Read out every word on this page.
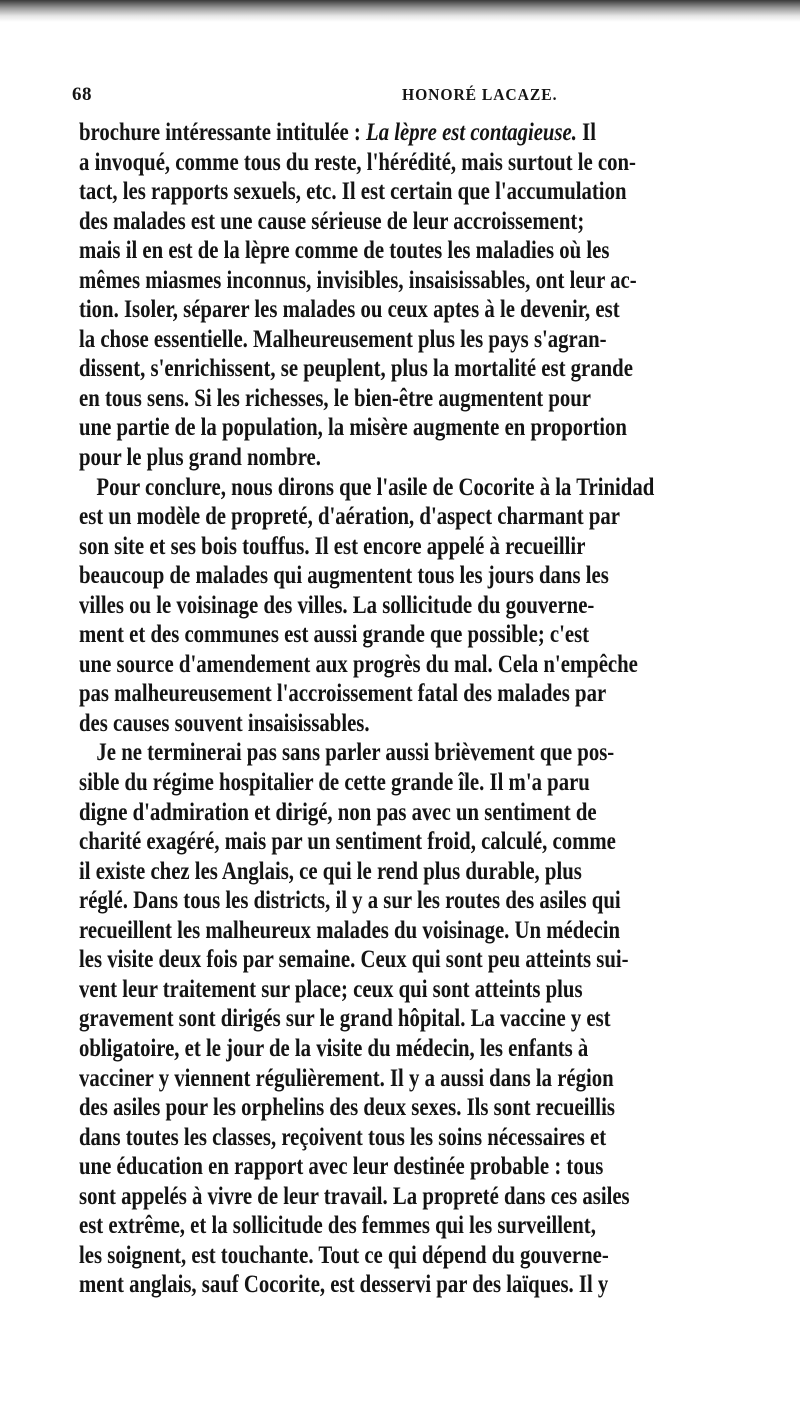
68	HONORÉ LACAZE.
brochure intéressante intitulée : La lèpre est contagieuse. Il
a invoqué, comme tous du reste, l'hérédité, mais surtout le con-
tact, les rapports sexuels, etc. Il est certain que l'accumulation
des malades est une cause sérieuse de leur accroissement;
mais il en est de la lèpre comme de toutes les maladies où les
mêmes miasmes inconnus, invisibles, insaisissables, ont leur ac-
tion. Isoler, séparer les malades ou ceux aptes à le devenir, est
la chose essentielle. Malheureusement plus les pays s'agran-
dissent, s'enrichissent, se peuplent, plus la mortalité est grande
en tous sens. Si les richesses, le bien-être augmentent pour
une partie de la population, la misère augmente en proportion
pour le plus grand nombre.
Pour conclure, nous dirons que l'asile de Cocorite à la Trinidad
est un modèle de propreté, d'aération, d'aspect charmant par
son site et ses bois touffus. Il est encore appelé à recueillir
beaucoup de malades qui augmentent tous les jours dans les
villes ou le voisinage des villes. La sollicitude du gouverne-
ment et des communes est aussi grande que possible; c'est
une source d'amendement aux progrès du mal. Cela n'empêche
pas malheureusement l'accroissement fatal des malades par
des causes souvent insaisissables.
Je ne terminerai pas sans parler aussi brièvement que pos-
sible du régime hospitalier de cette grande île. Il m'a paru
digne d'admiration et dirigé, non pas avec un sentiment de
charité exagéré, mais par un sentiment froid, calculé, comme
il existe chez les Anglais, ce qui le rend plus durable, plus
réglé. Dans tous les districts, il y a sur les routes des asiles qui
recueillent les malheureux malades du voisinage. Un médecin
les visite deux fois par semaine. Ceux qui sont peu atteints sui-
vent leur traitement sur place; ceux qui sont atteints plus
gravement sont dirigés sur le grand hôpital. La vaccine y est
obligatoire, et le jour de la visite du médecin, les enfants à
vacciner y viennent régulièrement. Il y a aussi dans la région
des asiles pour les orphelins des deux sexes. Ils sont recueillis
dans toutes les classes, reçoivent tous les soins nécessaires et
une éducation en rapport avec leur destinée probable : tous
sont appelés à vivre de leur travail. La propreté dans ces asiles
est extrême, et la sollicitude des femmes qui les surveillent,
les soignent, est touchante. Tout ce qui dépend du gouverne-
ment anglais, sauf Cocorite, est desservi par des laïques. Il y
